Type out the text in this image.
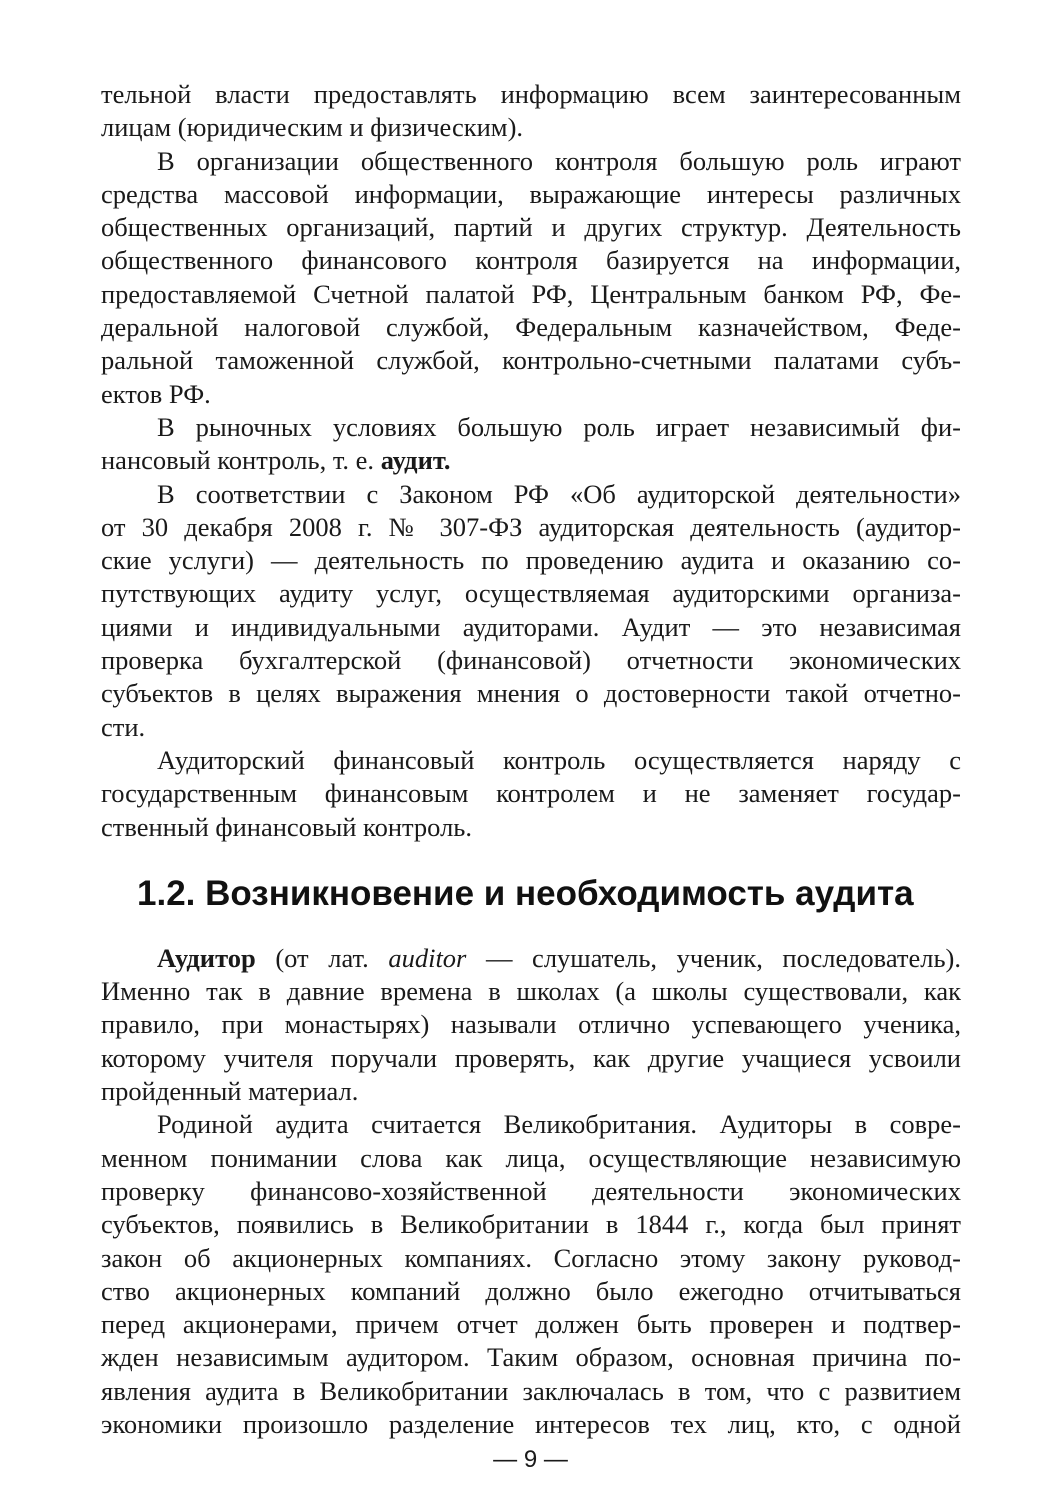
тельной власти предоставлять информацию всем заинтересованным
лицам (юридическим и физическим).
В организации общественного контроля большую роль играют
средства массовой информации, выражающие интересы различных
общественных организаций, партий и других структур. Деятельность
общественного финансового контроля базируется на информации,
предоставляемой Счетной палатой РФ, Центральным банком РФ, Фе-
деральной налоговой службой, Федеральным казначейством, Феде-
ральной таможенной службой, контрольно-счетными палатами субъ-
ектов РФ.
В рыночных условиях большую роль играет независимый фи-
нансовый контроль, т. е. аудит.
В соответствии с Законом РФ «Об аудиторской деятельности»
от 30 декабря 2008 г. № 307-ФЗ аудиторская деятельность (аудитор-
ские услуги) — деятельность по проведению аудита и оказанию со-
путствующих аудиту услуг, осуществляемая аудиторскими организа-
циями и индивидуальными аудиторами. Аудит — это независимая
проверка бухгалтерской (финансовой) отчетности экономических
субъектов в целях выражения мнения о достоверности такой отчетно-
сти.
Аудиторский финансовый контроль осуществляется наряду с
государственным финансовым контролем и не заменяет государ-
ственный финансовый контроль.
1.2. Возникновение и необходимость аудита
Аудитор (от лат. auditor — слушатель, ученик, последователь).
Именно так в давние времена в школах (а школы существовали, как
правило, при монастырях) называли отлично успевающего ученика,
которому учителя поручали проверять, как другие учащиеся усвоили
пройденный материал.
Родиной аудита считается Великобритания. Аудиторы в совре-
менном понимании слова как лица, осуществляющие независимую
проверку финансово-хозяйственной деятельности экономических
субъектов, появились в Великобритании в 1844 г., когда был принят
закон об акционерных компаниях. Согласно этому закону руковод-
ство акционерных компаний должно было ежегодно отчитываться
перед акционерами, причем отчет должен быть проверен и подтвер-
жден независимым аудитором. Таким образом, основная причина по-
явления аудита в Великобритании заключалась в том, что с развитием
экономики произошло разделение интересов тех лиц, кто, с одной
— 9 —
